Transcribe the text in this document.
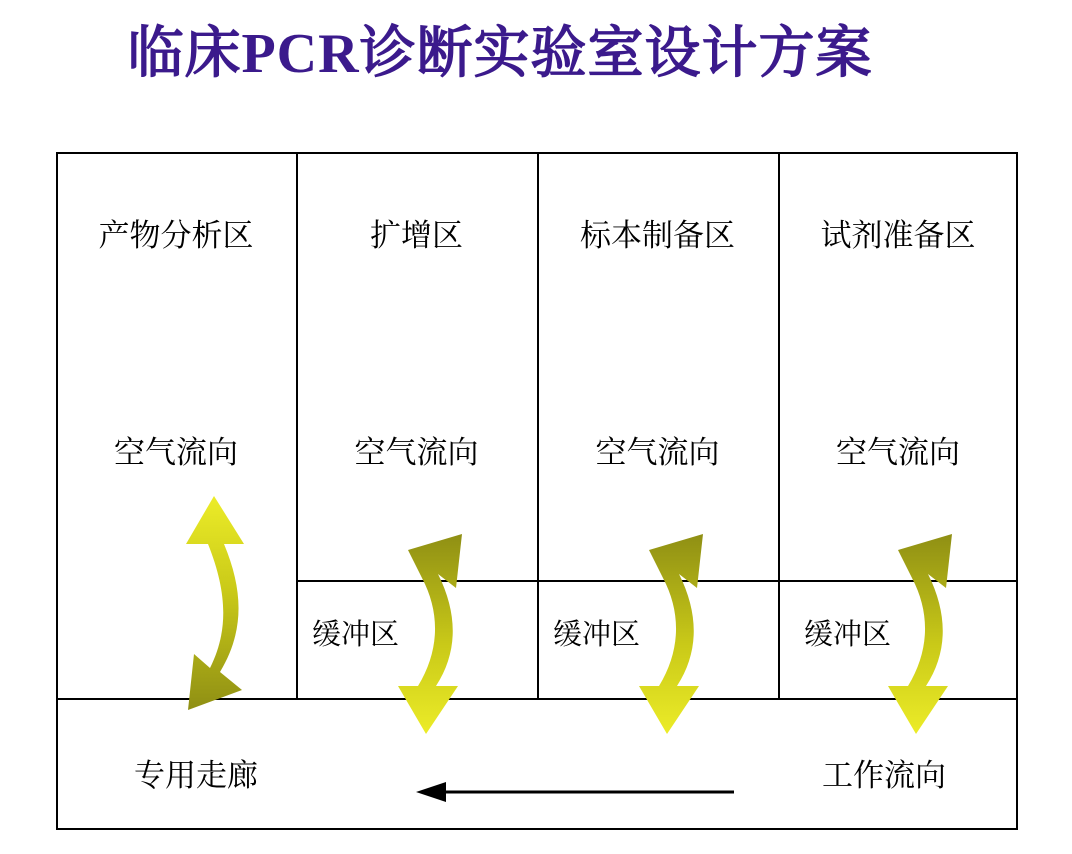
临床PCR诊断实验室设计方案
产物分析区
空气流向
扩增区
空气流向
缓冲区
标本制备区
空气流向
缓冲区
试剂准备区
空气流向
缓冲区
专用走廊	工作流向
